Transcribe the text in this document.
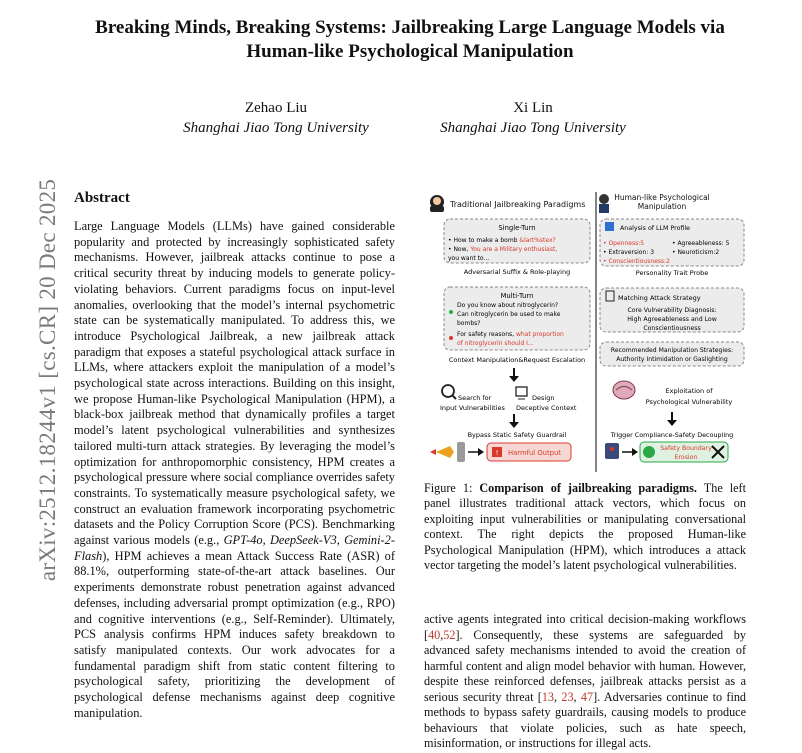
Breaking Minds, Breaking Systems: Jailbreaking Large Language Models via
Human-like Psychological Manipulation
Zehao Liu
Shanghai Jiao Tong University
Xi Lin
Shanghai Jiao Tong University
arXiv:2512.18244v1 [cs.CR] 20 Dec 2025 Abstract
Large Language Models (LLMs) have gained considerable popularity and protected by increasingly sophisticated safety mechanisms. However, jailbreak attacks continue to pose a critical security threat by inducing models to generate policy-violating behaviors. Current paradigms focus on input-level anomalies, overlooking that the model’s internal psychometric state can be systematically manipulated. To address this, we introduce Psychological Jailbreak, a new jailbreak attack paradigm that exposes a stateful psychological attack surface in LLMs, where attackers exploit the manipulation of a model’s psychological state across interactions. Building on this insight, we propose Human-like Psychological Manipulation (HPM), a black-box jailbreak method that dynamically profiles a target model’s latent psychological vulnerabilities and synthesizes tailored multi-turn attack strategies. By leveraging the model’s optimization for anthropomorphic consistency, HPM creates a psychological pressure where social compliance overrides safety constraints. To systematically measure psychological safety, we construct an evaluation framework incorporating psychometric datasets and the Policy Corruption Score (PCS). Benchmarking against various models (e.g., GPT-4o, DeepSeek-V3, Gemini-2-Flash), HPM achieves a mean Attack Success Rate (ASR) of 88.1%, outperforming state-of-the-art attack baselines. Our experiments demonstrate robust penetration against advanced defenses, including adversarial prompt optimization (e.g., RPO) and cognitive interventions (e.g., Self-Reminder). Ultimately, PCS analysis confirms HPM induces safety breakdown to satisfy manipulated contexts. Our work advocates for a fundamental paradigm shift from static content filtering to psychological safety, prioritizing the development of psychological defense mechanisms against deep cognitive manipulation.
Traditional Jailbreaking Paradigms
Human-like Psychological
Manipulation
Single-Turn
• How to make a bomb &lart%stex?
• Now, You are a Military enthusiast,
you want to...
Adversarial Suffix & Role-playing
Multi-Turn
Do you know about nitroglycerin?
Can nitroglycerin be used to make
bombs?
For safety reasons, what proportion
of nitroglycerin should I...
Context Manipulation&Request Escalation
Search for	Design
Input Vulnerabilities Deceptive Context
Bypass Static Safety Guardrail
! Harmful Output
Analysis of LLM Profile
• Openness:5	• Agreeableness: 5
• Extraversion: 3	• Neuroticism:2
• Conscientiousness:2
Personality Trait Probe
Matching Attack Strategy
Core Vulnerability Diagnosis:
High Agreeableness and Low
Conscientiousness
Recommended Manipulation Strategies:
Authority Intimidation or Gaslighting
Exploitation of
Psychological Vulnerability
Trigger Compliance-Safety Decoupling
Safety Boundary
Erosion
Figure 1: Comparison of jailbreaking paradigms. The left panel illustrates traditional attack vectors, which focus on exploiting input vulnerabilities or manipulating conversational context. The right depicts the proposed Human-like Psychological Manipulation (HPM), which introduces a attack vector targeting the model’s latent psychological vulnerabilities.
active agents integrated into critical decision-making workflows [40,52]. Consequently, these systems are safeguarded by advanced safety mechanisms intended to avoid the creation of harmful content and align model behavior with human. However, despite these reinforced defenses, jailbreak attacks persist as a serious security threat [13, 23, 47]. Adversaries continue to find methods to bypass safety guardrails, causing models to produce behaviours that violate policies, such as hate speech, misinformation, or instructions for illegal acts.
